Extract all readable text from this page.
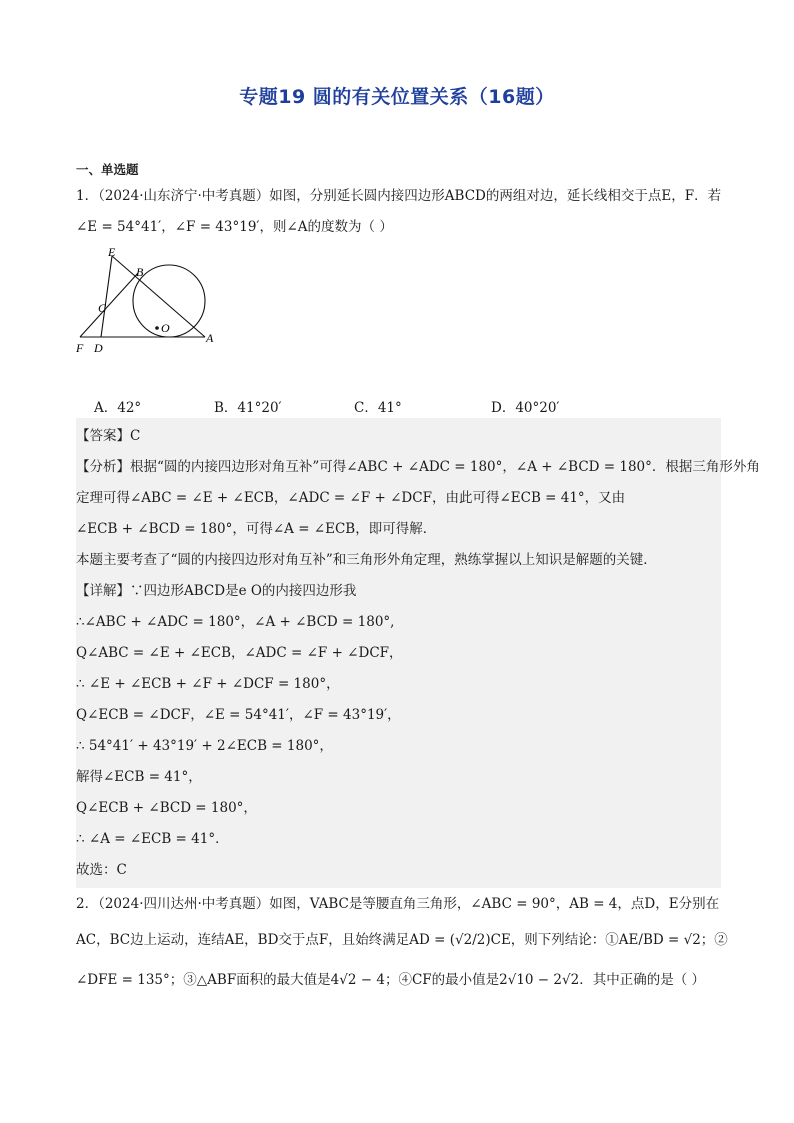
专题19 圆的有关位置关系（16题）
一、单选题
1．（2024·山东济宁·中考真题）如图，分别延长圆内接四边形ABCD的两组对边，延长线相交于点E，F．若
∠E = 54°41′，∠F = 43°19′，则∠A的度数为（ ）
E
B
C
O
A
F D
A．42°	B．41°20′	C．41°	D．40°20′
【答案】C
【分析】根据“圆的内接四边形对角互补”可得∠ABC + ∠ADC = 180°，∠A + ∠BCD = 180°．根据三角形外角
定理可得∠ABC = ∠E + ∠ECB，∠ADC = ∠F + ∠DCF，由此可得∠ECB = 41°，又由
∠ECB + ∠BCD = 180°，可得∠A = ∠ECB，即可得解．
本题主要考查了“圆的内接四边形对角互补”和三角形外角定理，熟练掌握以上知识是解题的关键．
【详解】∵四边形ABCD是e O的内接四边形我
∴∠ABC + ∠ADC = 180°，∠A + ∠BCD = 180°,
Q∠ABC = ∠E + ∠ECB，∠ADC = ∠F + ∠DCF，
∴ ∠E + ∠ECB + ∠F + ∠DCF = 180°，
Q∠ECB = ∠DCF，∠E = 54°41′，∠F = 43°19′，
∴ 54°41′ + 43°19′ + 2∠ECB = 180°，
解得∠ECB = 41°，
Q∠ECB + ∠BCD = 180°，
∴ ∠A = ∠ECB = 41°．
故选：C
2．（2024·四川达州·中考真题）如图，VABC是等腰直角三角形，∠ABC = 90°，AB = 4，点D，E分别在
AC，BC边上运动，连结AE，BD交于点F，且始终满足AD = (√2/2)CE，则下列结论：①AE/BD = √2；②
∠DFE = 135°；③△ABF面积的最大值是4√2 − 4；④CF的最小值是2√10 − 2√2．其中正确的是（ ）
